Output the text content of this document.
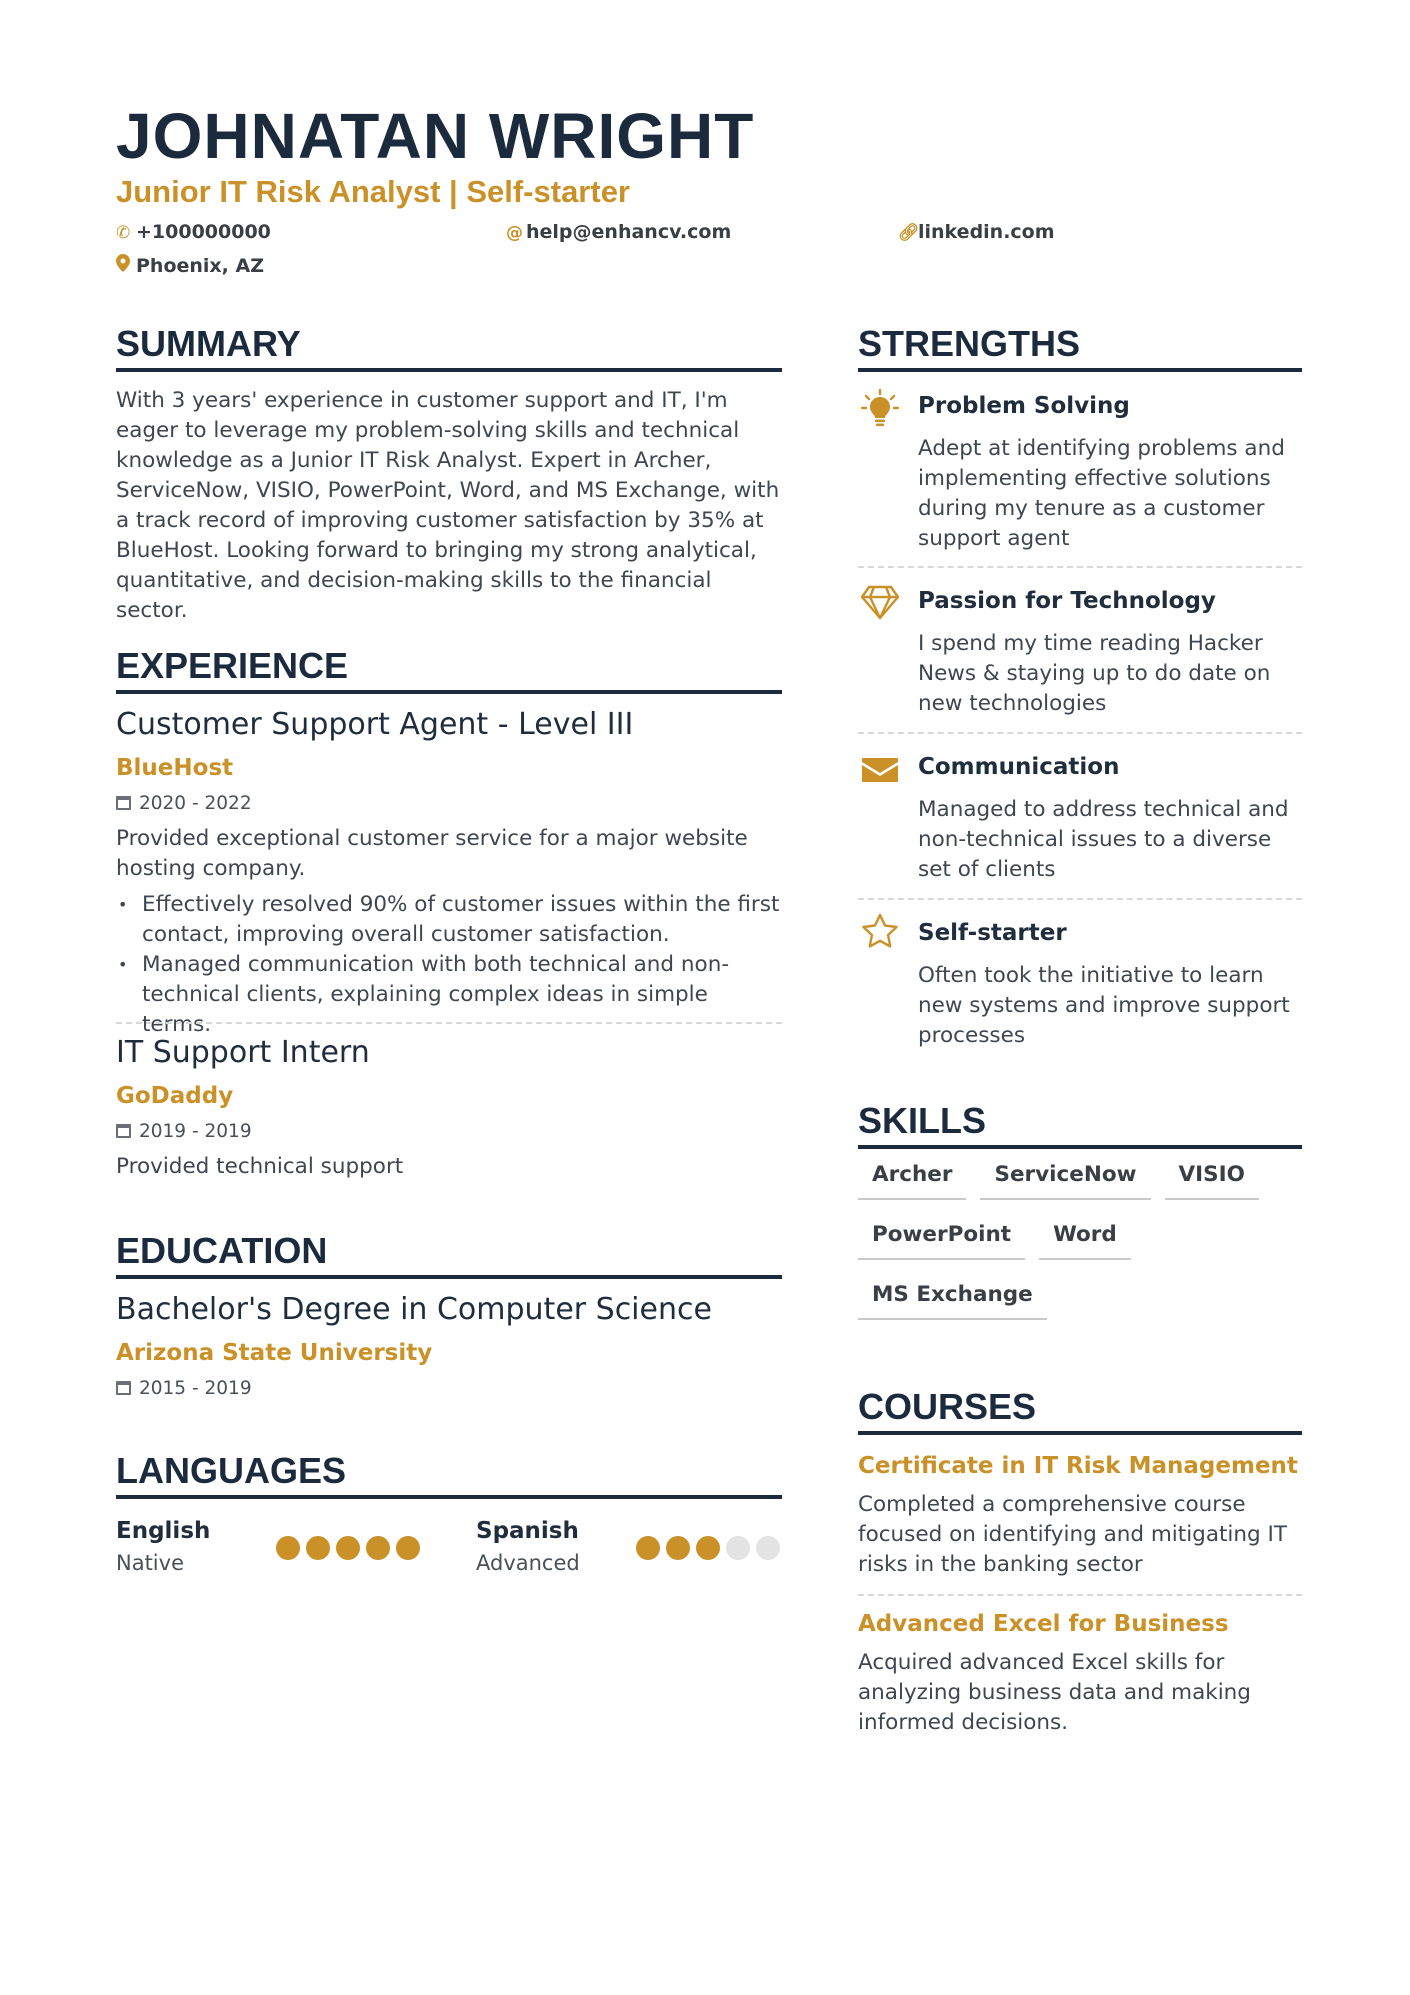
JOHNATAN WRIGHT
Junior IT Risk Analyst | Self-starter
✆ +100000000	@ help@enhancv.com	🔗︎linkedin.com
Phoenix, AZ
SUMMARY

With 3 years' experience in customer support and IT, I'm eager to leverage my problem-solving skills and technical knowledge as a Junior IT Risk Analyst. Expert in Archer, ServiceNow, VISIO, PowerPoint, Word, and MS Exchange, with a track record of improving customer satisfaction by 35% at BlueHost. Looking forward to bringing my strong analytical, quantitative, and decision-making skills to the financial sector.

EXPERIENCE
Customer Support Agent - Level III
BlueHost
2020 - 2022

Provided exceptional customer service for a major website hosting company.

• Effectively resolved 90% of customer issues within the first contact, improving overall customer satisfaction.
• Managed communication with both technical and non-technical clients, explaining complex ideas in simple terms.
IT Support Intern
GoDaddy
2019 - 2019

Provided technical support

EDUCATION
Bachelor's Degree in Computer Science
Arizona State University
2015 - 2019
LANGUAGES
English
Native
Spanish
Advanced
STRENGTHS
Problem Solving

Adept at identifying problems and implementing effective solutions during my tenure as a customer support agent

Passion for Technology

I spend my time reading Hacker News & staying up to do date on new technologies

Communication

Managed to address technical and non-technical issues to a diverse set of clients

Self-starter

Often took the initiative to learn new systems and improve support processes

SKILLS
Archer	ServiceNow	VISIO
PowerPoint	Word
MS Exchange
COURSES
Certificate in IT Risk Management

Completed a comprehensive course focused on identifying and mitigating IT risks in the banking sector

Advanced Excel for Business

Acquired advanced Excel skills for analyzing business data and making informed decisions.
